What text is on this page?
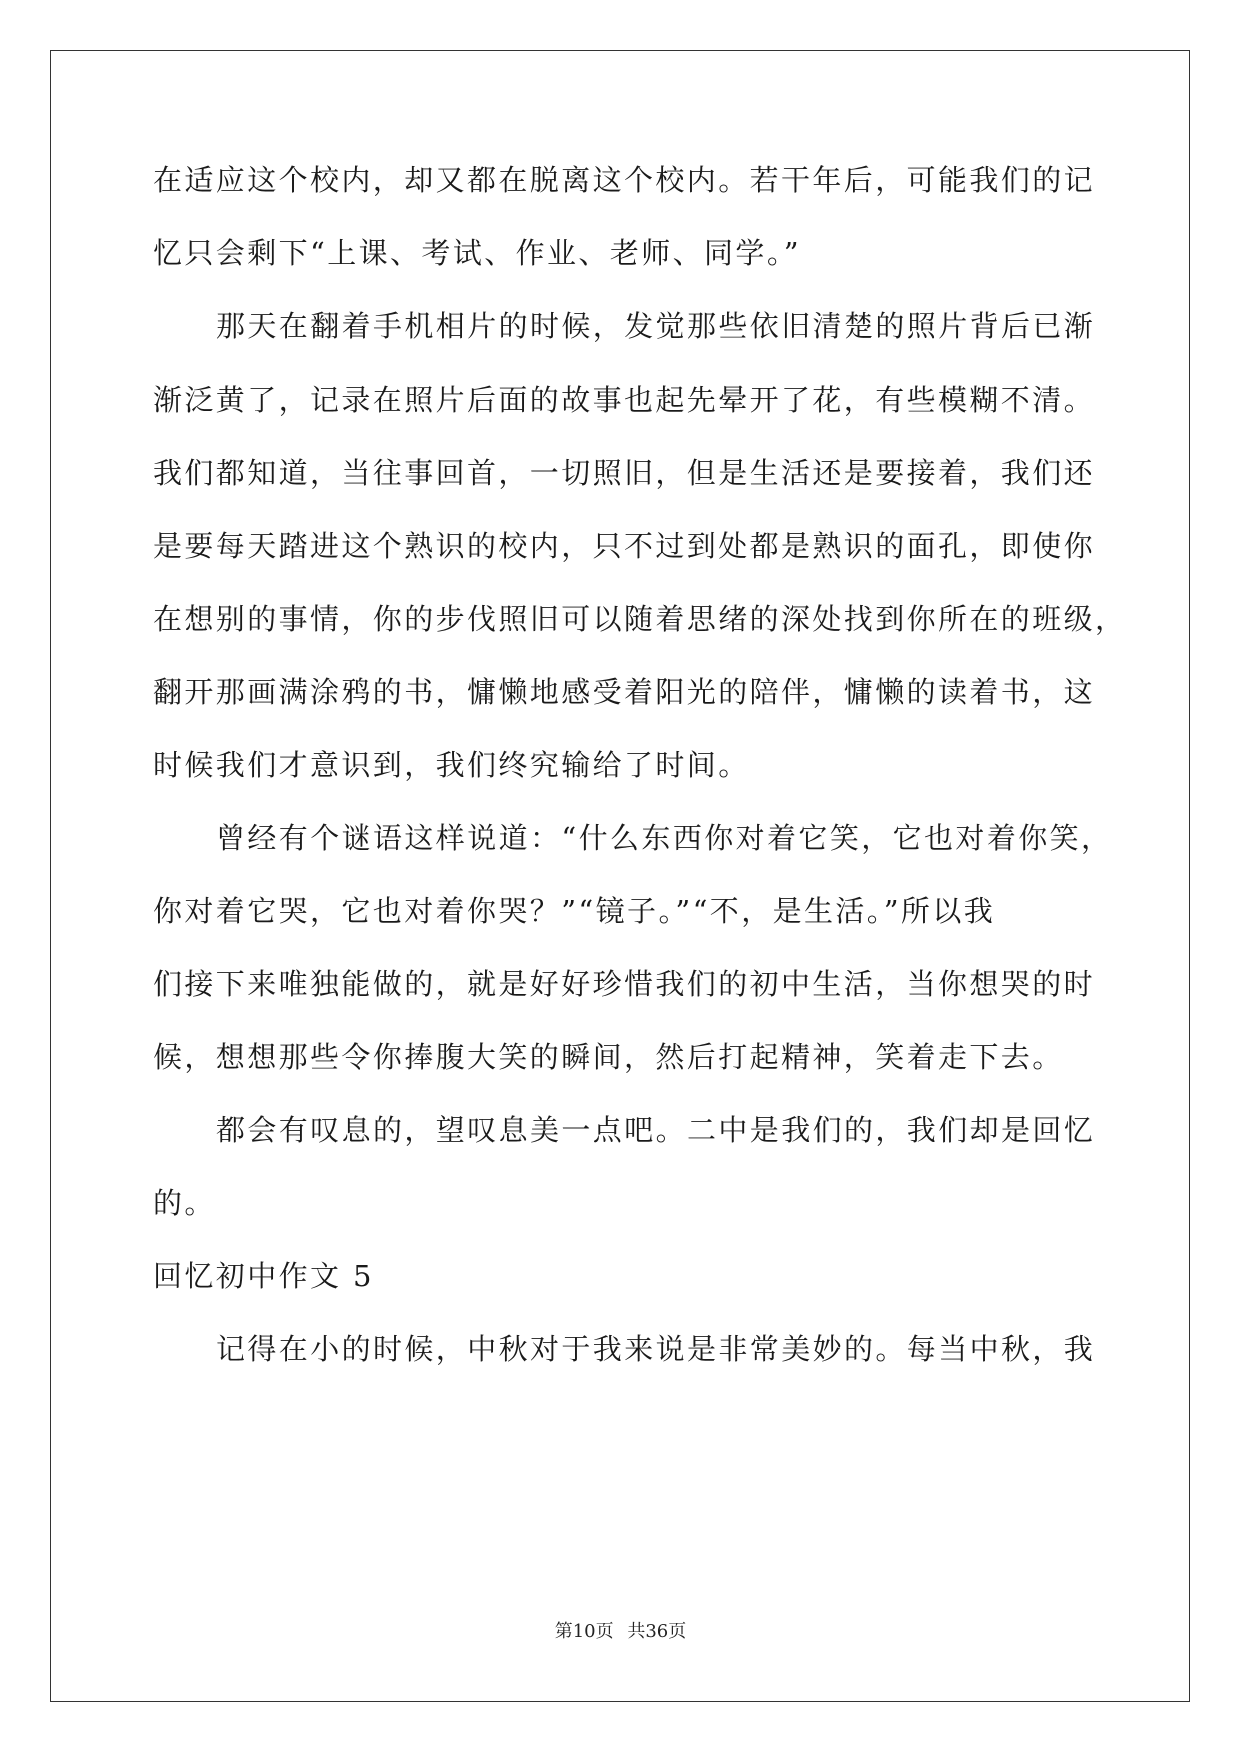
在适应这个校内，却又都在脱离这个校内。若干年后，可能我们的记
忆只会剩下“上课、考试、作业、老师、同学。”
那天在翻着手机相片的时候，发觉那些依旧清楚的照片背后已渐
渐泛黄了，记录在照片后面的故事也起先晕开了花，有些模糊不清。
我们都知道，当往事回首，一切照旧，但是生活还是要接着，我们还
是要每天踏进这个熟识的校内，只不过到处都是熟识的面孔，即使你
在想别的事情，你的步伐照旧可以随着思绪的深处找到你所在的班级，
翻开那画满涂鸦的书，慵懒地感受着阳光的陪伴，慵懒的读着书，这
时候我们才意识到，我们终究输给了时间。
曾经有个谜语这样说道：“什么东西你对着它笑，它也对着你笑，
你对着它哭，它也对着你哭？”“镜子。”“不，是生活。”所以我
们接下来唯独能做的，就是好好珍惜我们的初中生活，当你想哭的时
候，想想那些令你捧腹大笑的瞬间，然后打起精神，笑着走下去。
都会有叹息的，望叹息美一点吧。二中是我们的，我们却是回忆
的。
回忆初中作文 5
记得在小的时候，中秋对于我来说是非常美妙的。每当中秋，我
第10页 共36页
